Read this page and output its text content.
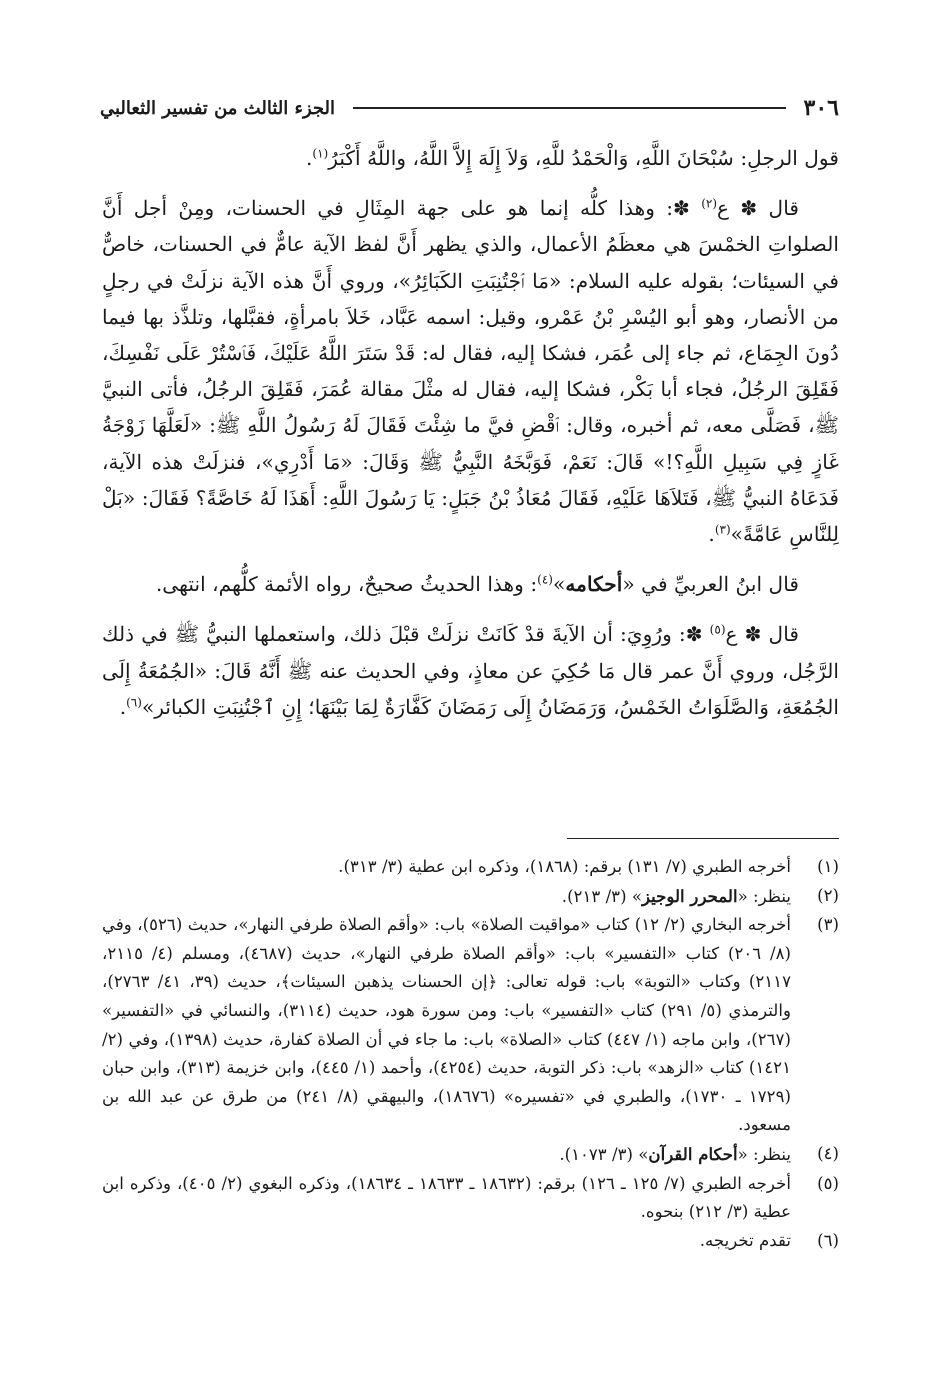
٣٠٦
الجزء الثالث من تفسير الثعالبي

قول الرجلِ: سُبْحَانَ اللَّهِ، وَالْحَمْدُ للَّهِ، وَلاَ إِلَهَ إِلاَّ اللَّهُ، واللَّهُ أَكْبَرُ$^{(١)}$.

قال ✽ ع$^{(٢)}$ ✽: وهذا كلُّه إنما هو على جهة المِثَالِ في الحسنات، ومِنْ أجل أَنَّ الصلواتِ الخمْسَ هي معظَمُ الأعمال، والذي يظهر أَنَّ لفظ الآية عامٌّ في الحسنات، خاصٌّ في السيئات؛ بقوله عليه السلام: «مَا ٱجْتُنِبَتِ الكَبَائِرُ»، وروي أَنَّ هذه الآية نزلَتْ في رجلٍ من الأنصار، وهو أبو اليُسْرِ بْنُ عَمْرو، وقيل: اسمه عَبَّاد، خَلاَ بامرأةٍ، فقبَّلها، وتلذَّذ بها فيما دُونَ الجِمَاع، ثم جاء إلى عُمَر، فشكا إليه، فقال له: قَدْ سَتَرَ اللَّهُ عَلَيْكَ، فَٱسْتُرْ عَلَى نَفْسِكَ، فَقَلِقَ الرجُلُ، فجاء أبا بَكْر، فشكا إليه، فقال له مثْلَ مقالة عُمَرَ، فَقَلِقَ الرجُلُ، فأتى النبيَّ ﷺ، فَصَلَّى معه، ثم أخبره، وقال: ٱقْضِ فيَّ ما شِئْتَ فَقَالَ لَهُ رَسُولُ اللَّهِ ﷺ: «لَعَلَّهَا زَوْجَةُ غَازٍ فِي سَبِيلِ اللَّهِ؟!» قَالَ: نَعَمْ، فَوَبَّخَهُ النَّبِيُّ ﷺ وَقَالَ: «مَا أَدْرِي»، فنزلَتْ هذه الآية، فَدَعَاهُ النبيُّ ﷺ، فَتَلاَهَا عَلَيْهِ، فَقَالَ مُعَاذُ بْنُ جَبَلٍ: يَا رَسُولَ اللَّهِ: أَهَذَا لَهُ خَاصَّةً؟ فَقَالَ: «بَلْ لِلنَّاسِ عَامَّةً»$^{(٣)}$.

قال ابنُ العربيِّ في «أحكامه»$^{(٤)}$: وهذا الحديثُ صحيحٌ، رواه الأئمة كلُّهم، انتهى.

قال ✽ ع$^{(٥)}$ ✽: ورُوِيَ: أن الآيةَ قدْ كَانَتْ نزلَتْ قبْلَ ذلك، واستعملها النبيُّ ﷺ في ذلك الرَّجُل، وروي أَنَّ عمر قال مَا حُكِيَ عن معاذٍ، وفي الحديث عنه ﷺ أَنَّهُ قَالَ: «الجُمُعَةُ إِلَى الجُمُعَةِ، وَالصَّلَوَاتُ الخَمْسُ، وَرَمَضَانُ إِلَى رَمَضَانَ كَفَّارَةٌ لِمَا بَيْنَهَا؛ إِنِ ٱجْتُنِبَتِ الكبائر»$^{(٦)}$.

(١)
أخرجه الطبري (٧/ ١٣١) برقم: (١٨٦٨)، وذكره ابن عطية (٣/ ٣١٣).
(٢)
ينظر: «المحرر الوجيز» (٣/ ٢١٣).
(٣)
أخرجه البخاري (٢/ ١٢) كتاب «مواقيت الصلاة» باب: «وأقم الصلاة طرفي النهار»، حديث (٥٢٦)، وفي (٨/ ٢٠٦) كتاب «التفسير» باب: «وأقم الصلاة طرفي النهار»، حديث (٤٦٨٧)، ومسلم (٤/ ٢١١٥، ٢١١٧) وكتاب «التوبة» باب: قوله تعالى: ﴿إن الحسنات يذهبن السيئات﴾، حديث (٣٩، ٤١/ ٢٧٦٣)، والترمذي (٥/ ٢٩١) كتاب «التفسير» باب: ومن سورة هود، حديث (٣١١٤)، والنسائي في «التفسير» (٢٦٧)، وابن ماجه (١/ ٤٤٧) كتاب «الصلاة» باب: ما جاء في أن الصلاة كفارة، حديث (١٣٩٨)، وفي (٢/ ١٤٢١) كتاب «الزهد» باب: ذكر التوبة، حديث (٤٢٥٤)، وأحمد (١/ ٤٤٥)، وابن خزيمة (٣١٣)، وابن حبان (١٧٢٩ ـ ١٧٣٠)، والطبري في «تفسيره» (١٨٦٧٦)، والبيهقي (٨/ ٢٤١) من طرق عن عبد الله بن مسعود.
(٤)
ينظر: «أحكام القرآن» (٣/ ١٠٧٣).
(٥)
أخرجه الطبري (٧/ ١٢٥ ـ ١٢٦) برقم: (١٨٦٣٢ ـ ١٨٦٣٣ ـ ١٨٦٣٤)، وذكره البغوي (٢/ ٤٠٥)، وذكره ابن عطية (٣/ ٢١٢) بنحوه.
(٦)
تقدم تخريجه.
